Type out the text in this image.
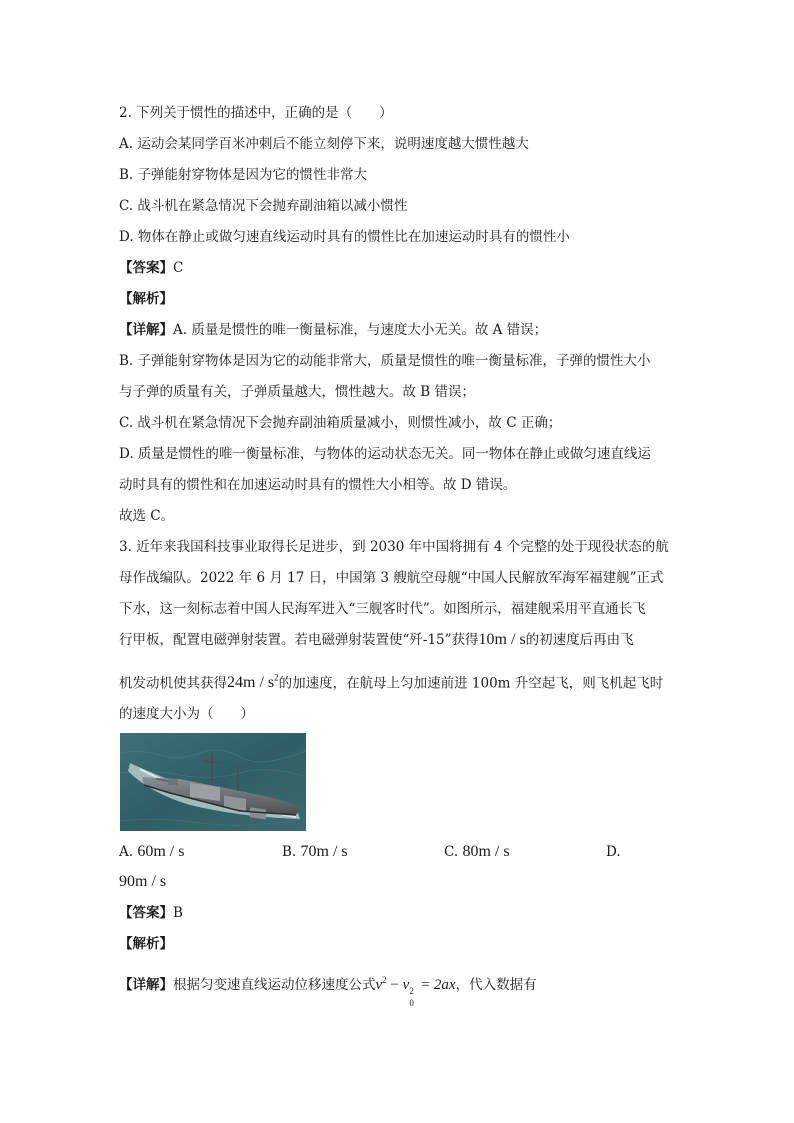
2. 下列关于惯性的描述中，正确的是（　　）
A. 运动会某同学百米冲刺后不能立刻停下来，说明速度越大惯性越大
B. 子弹能射穿物体是因为它的惯性非常大
C. 战斗机在紧急情况下会抛弃副油箱以减小惯性
D. 物体在静止或做匀速直线运动时具有的惯性比在加速运动时具有的惯性小
【答案】C
【解析】
【详解】A. 质量是惯性的唯一衡量标准，与速度大小无关。故 A 错误；
B. 子弹能射穿物体是因为它的动能非常大，质量是惯性的唯一衡量标准，子弹的惯性大小
与子弹的质量有关，子弹质量越大，惯性越大。故 B 错误；
C. 战斗机在紧急情况下会抛弃副油箱质量减小，则惯性减小，故 C 正确；
D. 质量是惯性的唯一衡量标准，与物体的运动状态无关。同一物体在静止或做匀速直线运
动时具有的惯性和在加速运动时具有的惯性大小相等。故 D 错误。
故选 C。
3. 近年来我国科技事业取得长足进步，到 2030 年中国将拥有 4 个完整的处于现役状态的航
母作战编队。2022 年 6 月 17 日，中国第 3 艘航空母舰“中国人民解放军海军福建舰”正式
下水，这一刻标志着中国人民海军进入“三舰客时代”。如图所示，福建舰采用平直通长飞
行甲板，配置电磁弹射装置。若电磁弹射装置使“歼-15”获得10m / s的初速度后再由飞
机发动机使其获得$24m / s^2$的加速度，在航母上匀加速前进 100m 升空起飞，则飞机起飞时
的速度大小为（　　）
A. 60m / s	B. 70m / s	C. 80m / s	D.
90m / s
【答案】B
【解析】
【详解】根据匀变速直线运动位移速度公式$v^2 - v$ 2
0
= 2ax，代入数据有
